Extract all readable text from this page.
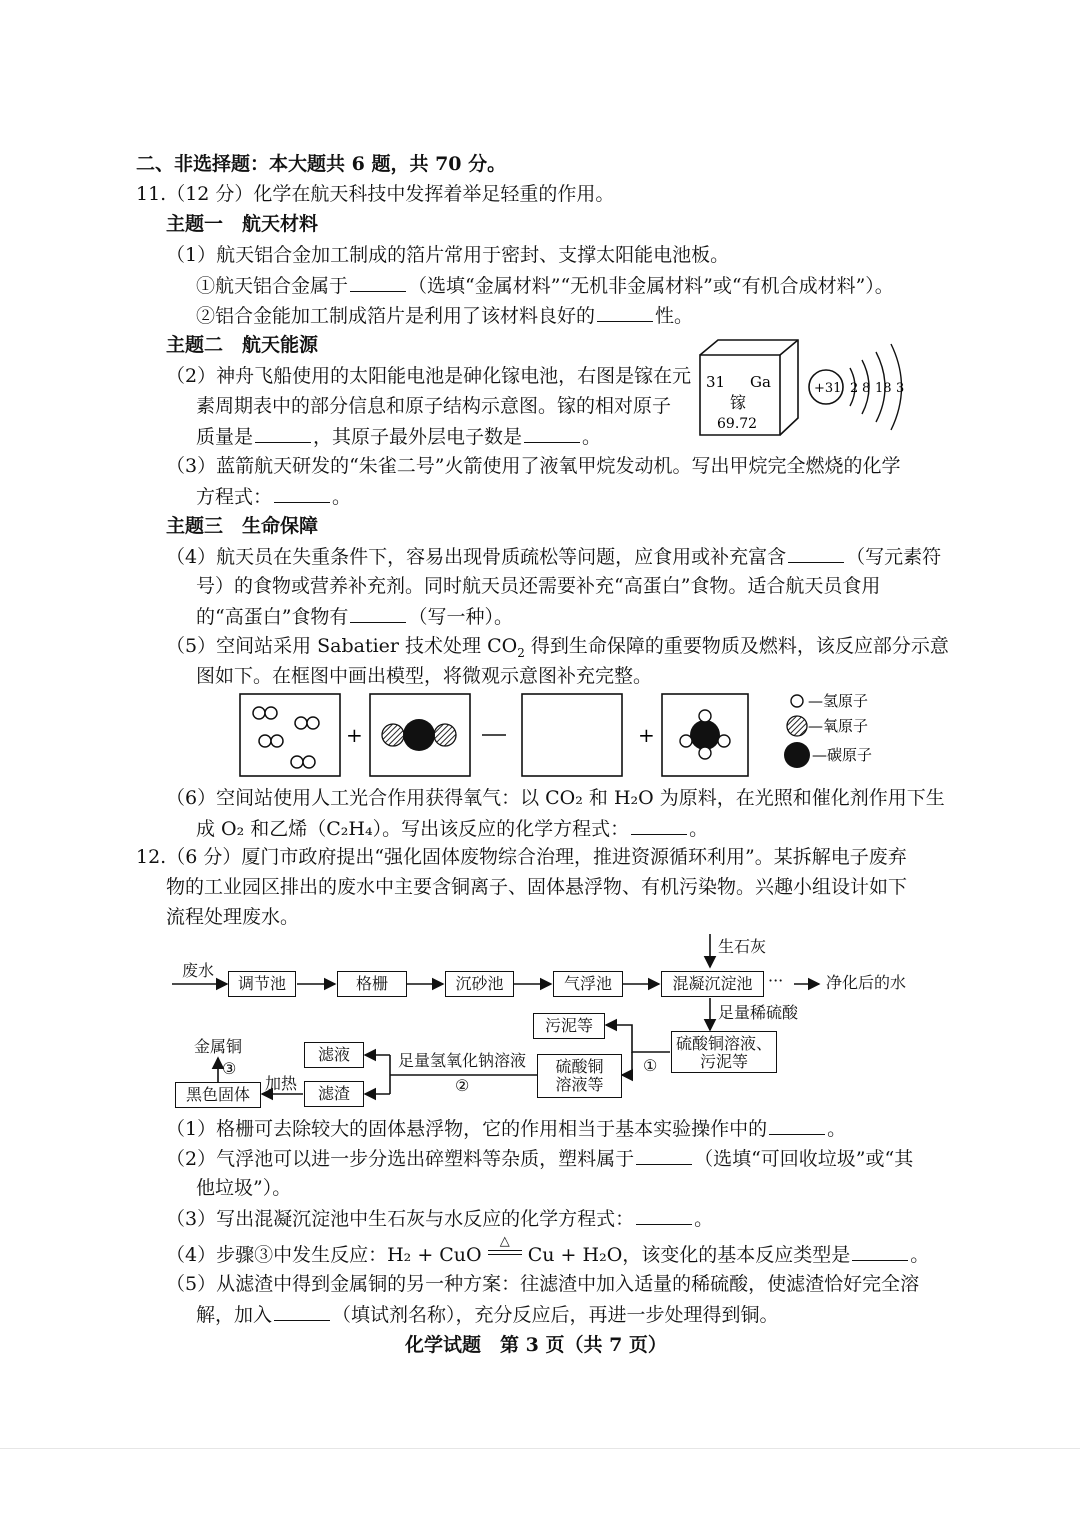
二、非选择题：本大题共 6 题，共 70 分。
11.（12 分）化学在航天科技中发挥着举足轻重的作用。
主题一　航天材料
（1）航天铝合金加工制成的箔片常用于密封、支撑太阳能电池板。
①航天铝合金属于	（选填“金属材料”“无机非金属材料”或“有机合成材料”）。
②铝合金能加工制成箔片是利用了该材料良好的	性。
主题二　航天能源
（2）神舟飞船使用的太阳能电池是砷化镓电池，右图是镓在元
素周期表中的部分信息和原子结构示意图。镓的相对原子
质量是	，其原子最外层电子数是	。
31 Ga
镓
69.72
+31 2 8 18 3
（3）蓝箭航天研发的“朱雀二号”火箭使用了液氧甲烷发动机。写出甲烷完全燃烧的化学
方程式：	。
主题三　生命保障
（4）航天员在失重条件下，容易出现骨质疏松等问题，应食用或补充富含	（写元素符
号）的食物或营养补充剂。同时航天员还需要补充“高蛋白”食物。适合航天员食用
的“高蛋白”食物有	（写一种）。
（5）空间站采用 Sabatier 技术处理 $CO_2$ 得到生命保障的重要物质及燃料，该反应部分示意
图如下。在框图中画出模型，将微观示意图补充完整。
+	+
—氢原子
—氧原子
—碳原子
（6）空间站使用人工光合作用获得氧气：以 CO₂ 和 H₂O 为原料，在光照和催化剂作用下生
成 O₂ 和乙烯（C₂H₄）。写出该反应的化学方程式：	。
12.（6 分）厦门市政府提出“强化固体废物综合治理，推进资源循环利用”。某拆解电子废弃
物的工业园区排出的废水中主要含铜离子、固体悬浮物、有机污染物。兴趣小组设计如下
流程处理废水。
废水
生石灰
调节池	格栅	沉砂池	气浮池	混凝沉淀池 ···	净化后的水
足量稀硫酸
硫酸铜溶液、
污泥等
①
污泥等
硫酸铜
溶液等
足量氢氧化钠溶液
②
滤液
滤渣
加热
黑色固体
③
金属铜
（1）格栅可去除较大的固体悬浮物，它的作用相当于基本实验操作中的	。
（2）气浮池可以进一步分选出碎塑料等杂质，塑料属于	（选填“可回收垃圾”或“其
他垃圾”）。
（3）写出混凝沉淀池中生石灰与水反应的化学方程式：	。
（4）步骤③中发生反应：H₂ + CuO
△
Cu + H₂O，该变化的基本反应类型是	。
（5）从滤渣中得到金属铜的另一种方案：往滤渣中加入适量的稀硫酸，使滤渣恰好完全溶
解，加入	（填试剂名称），充分反应后，再进一步处理得到铜。
化学试题　第 3 页（共 7 页）
